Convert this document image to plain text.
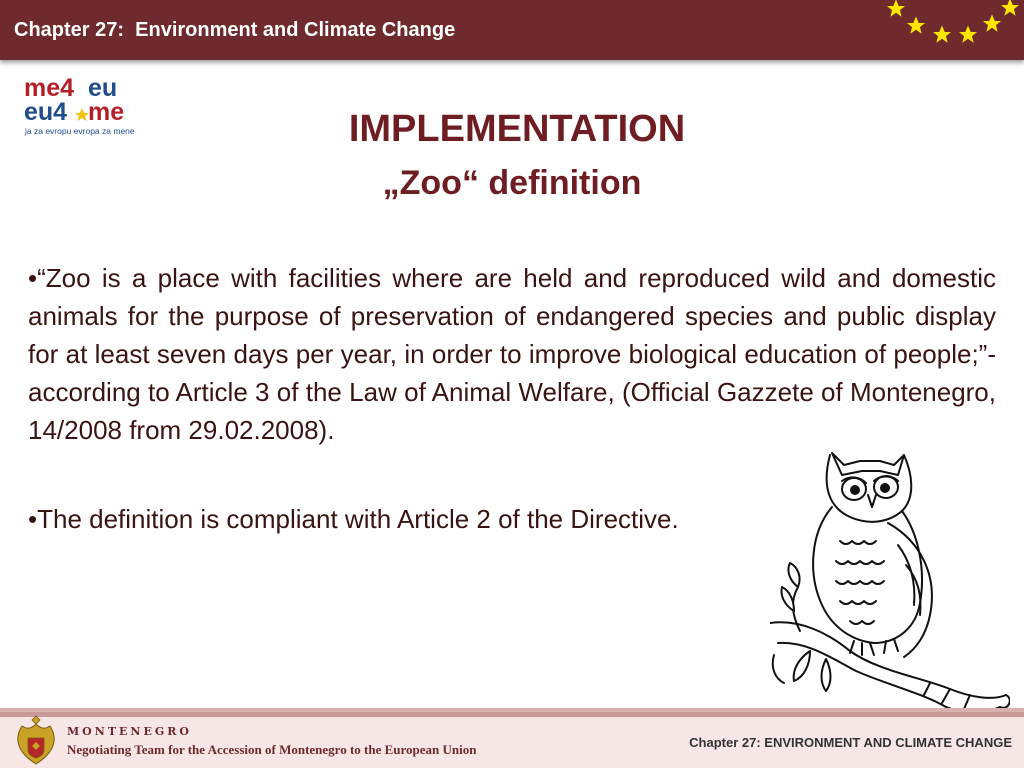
Chapter 27:  Environment and Climate Change
me4 eu
eu4 me
ja za evropu evropa za mene	IMPLEMENTATION
„Zoo“ definition
•“Zoo is a place with facilities where are held and reproduced wild and domestic animals for the purpose of preservation of endangered species and public display for at least seven days per year, in order to improve biological education of people;”- according to Article 3 of the Law of Animal Welfare, (Official Gazzete of Montenegro, 14/2008 from 29.02.2008).
•The definition is compliant with Article 2 of the Directive.
MONTENEGRO
Negotiating Team for the Accession of Montenegro to the European Union	Chapter 27: ENVIRONMENT AND CLIMATE CHANGE
